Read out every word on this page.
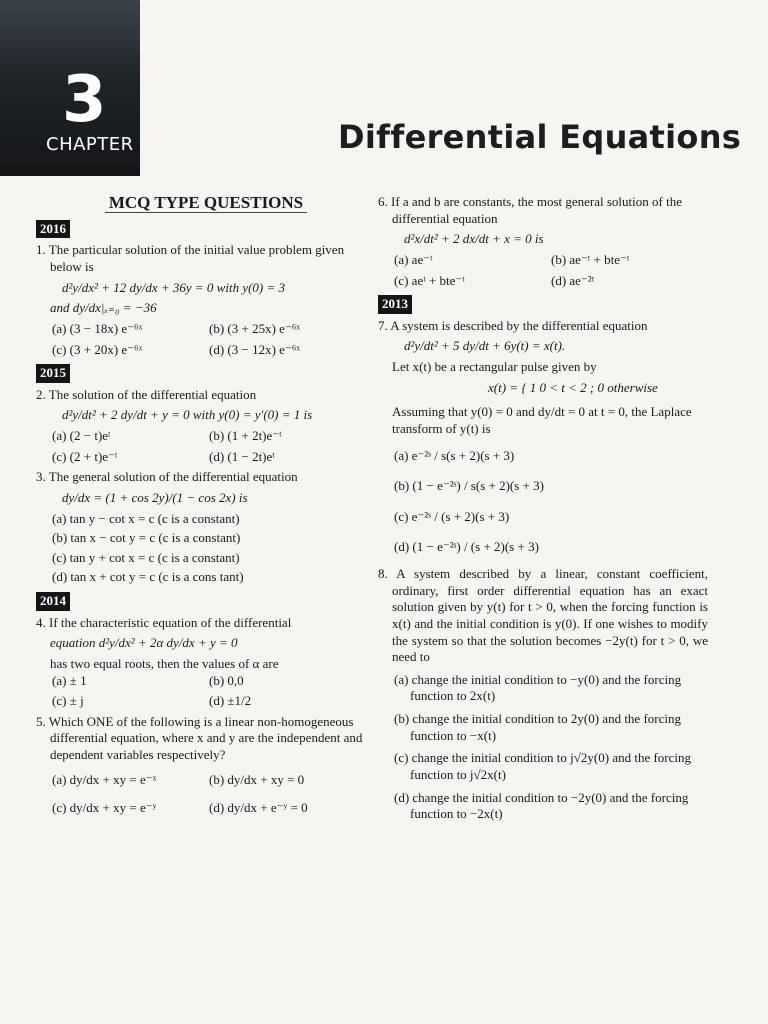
3
CHAPTER	Differential Equations
MCQ TYPE QUESTIONS
2016
1. The particular solution of the initial value problem given below is
d²y/dx² + 12 dy/dx + 36y = 0 with y(0) = 3
and dy/dx|ₓ₌₀ = −36
(a) (3 − 18x) e⁻⁶ˣ	(b) (3 + 25x) e⁻⁶ˣ
(c) (3 + 20x) e⁻⁶ˣ	(d) (3 − 12x) e⁻⁶ˣ
2015
2. The solution of the differential equation
d²y/dt² + 2 dy/dt + y = 0 with y(0) = y′(0) = 1 is
(a) (2 − t)eᵗ	(b) (1 + 2t)e⁻ᵗ
(c) (2 + t)e⁻ᵗ	(d) (1 − 2t)eᵗ
3. The general solution of the differential equation
dy/dx = (1 + cos 2y)/(1 − cos 2x) is
(a) tan y − cot x = c (c is a constant)
(b) tan x − cot y = c (c is a constant)
(c) tan y + cot x = c (c is a constant)
(d) tan x + cot y = c (c is a cons tant)
2014
4. If the characteristic equation of the differential
equation d²y/dx² + 2α dy/dx + y = 0
has two equal roots, then the values of α are
(a) ± 1	(b) 0,0
(c) ± j	(d) ±1/2
5. Which ONE of the following is a linear non-homogeneous differential equation, where x and y are the independent and dependent variables respectively?
(a) dy/dx + xy = e⁻ˣ	(b) dy/dx + xy = 0
(c) dy/dx + xy = e⁻ʸ	(d) dy/dx + e⁻ʸ = 0
6. If a and b are constants, the most general solution of the differential equation
d²x/dt² + 2 dx/dt + x = 0 is
(a) ae⁻ᵗ	(b) ae⁻ᵗ + bte⁻ᵗ
(c) aeᵗ + bte⁻ᵗ	(d) ae⁻²ᵗ
2013
7. A system is described by the differential equation
d²y/dt² + 5 dy/dt + 6y(t) = x(t).
Let x(t) be a rectangular pulse given by
x(t) = { 1 0 < t < 2 ; 0 otherwise
Assuming that y(0) = 0 and dy/dt = 0 at t = 0, the Laplace transform of y(t) is
(a) e⁻²ˢ / s(s + 2)(s + 3)
(b) (1 − e⁻²ˢ) / s(s + 2)(s + 3)
(c) e⁻²ˢ / (s + 2)(s + 3)
(d) (1 − e⁻²ˢ) / (s + 2)(s + 3)
8. A system described by a linear, constant coefficient, ordinary, first order differential equation has an exact solution given by y(t) for t > 0, when the forcing function is x(t) and the initial condition is y(0). If one wishes to modify the system so that the solution becomes −2y(t) for t > 0, we need to
(a) change the initial condition to −y(0) and the forcing function to 2x(t)
(b) change the initial condition to 2y(0) and the forcing function to −x(t)
(c) change the initial condition to j√2y(0) and the forcing function to j√2x(t)
(d) change the initial condition to −2y(0) and the forcing function to −2x(t)
